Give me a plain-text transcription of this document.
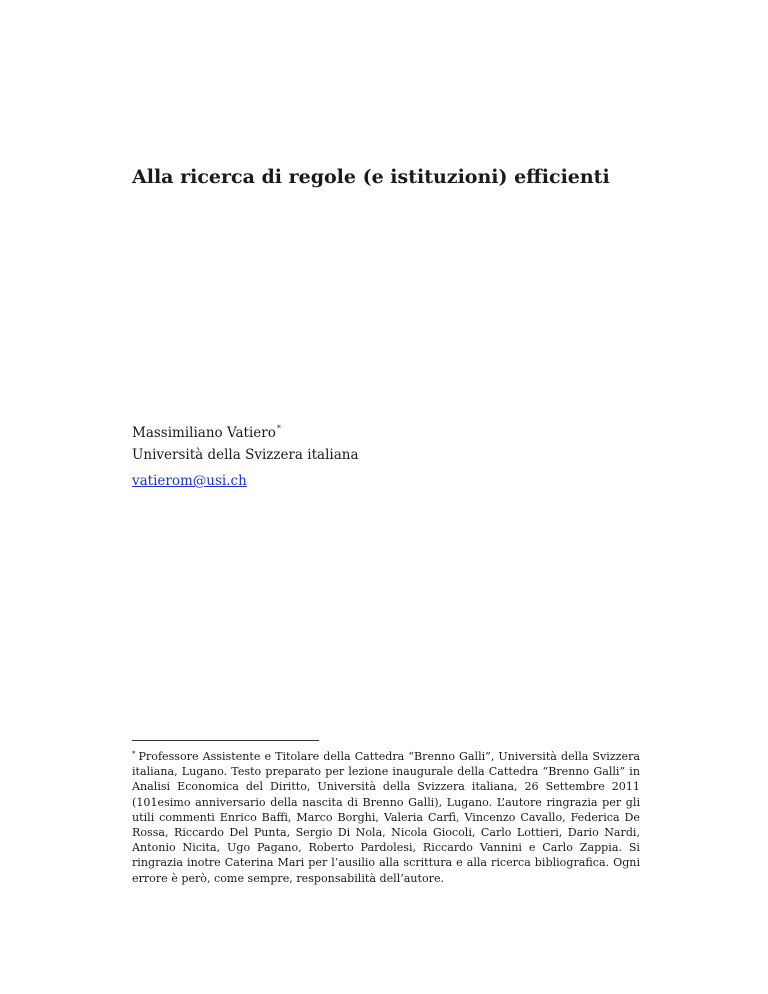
Alla ricerca di regole (e istituzioni) efficienti
Massimiliano Vatiero*
Università della Svizzera italiana
vatierom@usi.ch
* Professore Assistente e Titolare della Cattedra “Brenno Galli”, Università della Svizzera italiana, Lugano. Testo preparato per lezione inaugurale della Cattedra “Brenno Galli” in Analisi Economica del Diritto, Università della Svizzera italiana, 26 Settembre 2011 (101esimo anniversario della nascita di Brenno Galli), Lugano. L’autore ringrazia per gli utili commenti Enrico Baffi, Marco Borghi, Valeria Carfì, Vincenzo Cavallo, Federica De Rossa, Riccardo Del Punta, Sergio Di Nola, Nicola Giocoli, Carlo Lottieri, Dario Nardi, Antonio Nicita, Ugo Pagano, Roberto Pardolesi, Riccardo Vannini e Carlo Zappia. Si ringrazia inotre Caterina Mari per l’ausilio alla scrittura e alla ricerca bibliografica. Ogni errore è però, come sempre, responsabilità dell’autore.
